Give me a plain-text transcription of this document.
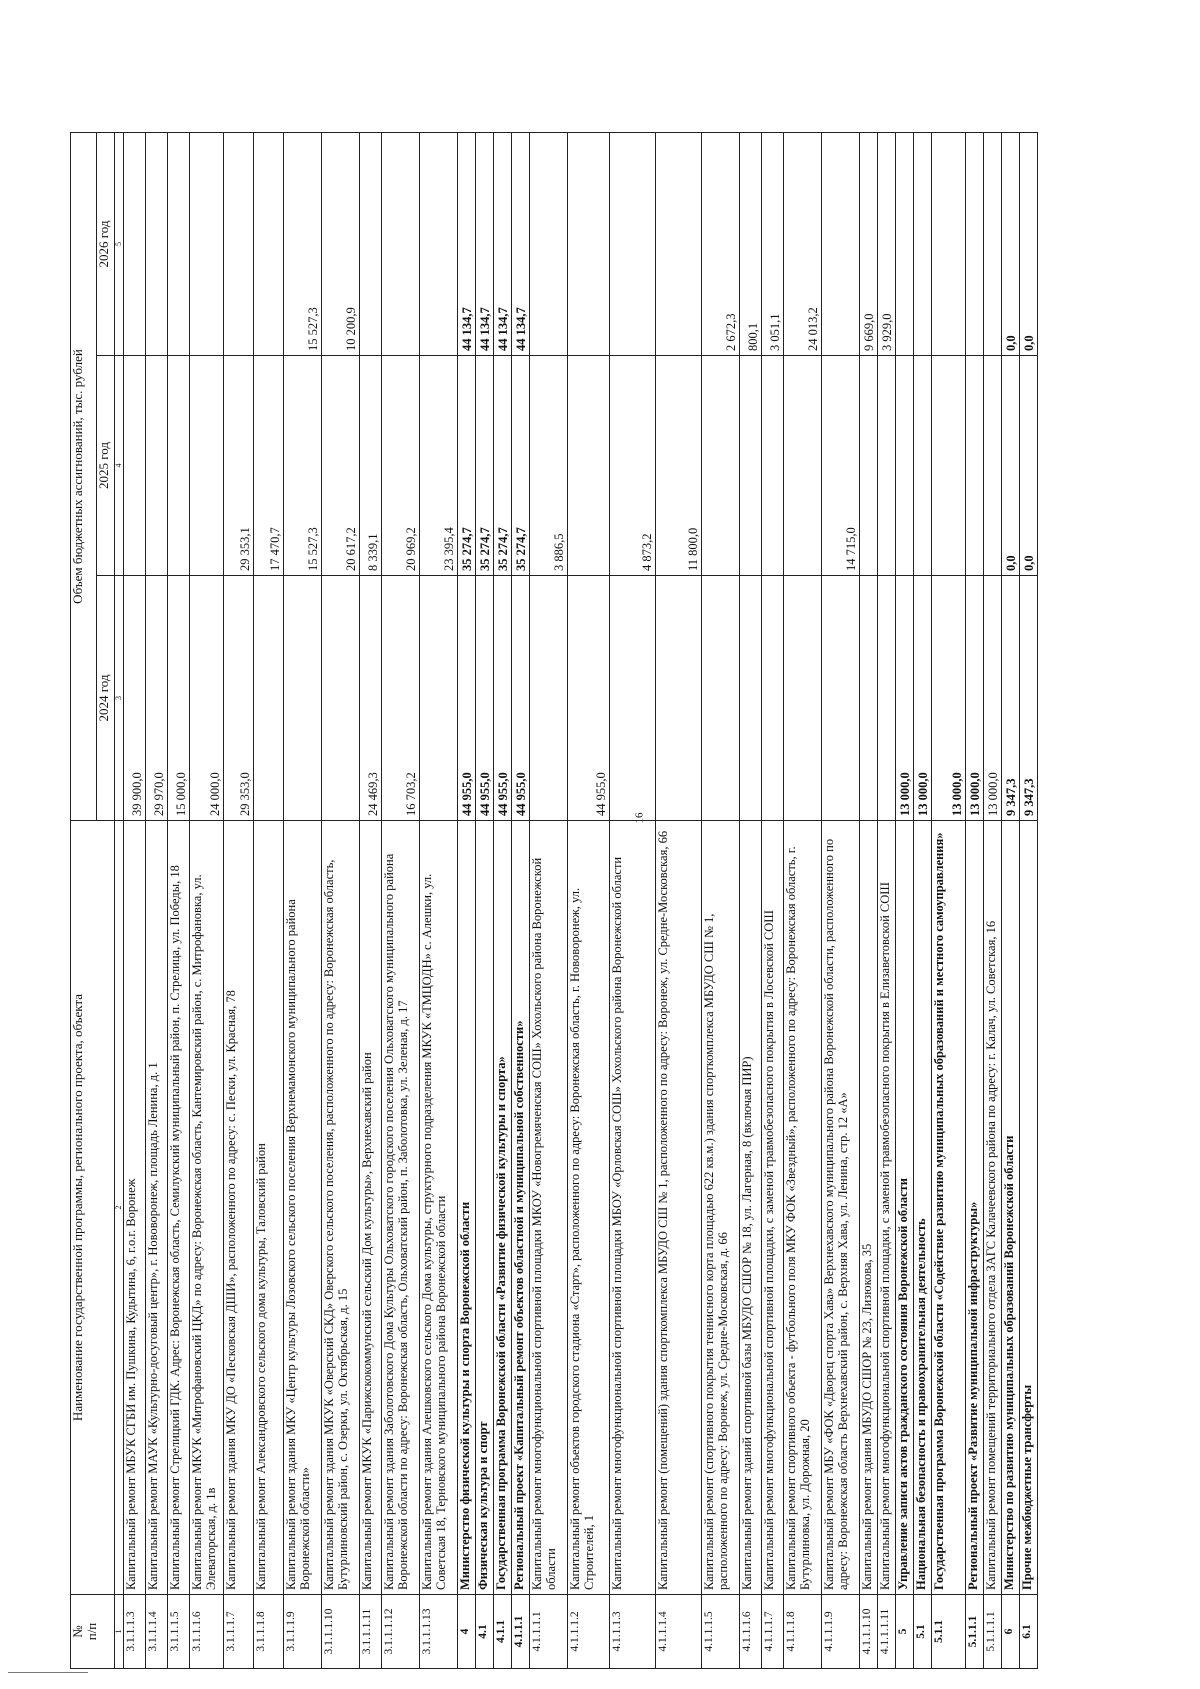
16
№
п/п	Наименование государственной программы, регионального проекта, объекта	Объем бюджетных ассигнований, тыс. рублей		
		2024 год	2025 год	2026 год
1	2	3	4	5
3.1.1.1.3	Капитальный ремонт МБУК СГБИ им. Пушкина, Кудытина, 6, г.о.г. Воронеж	39 900,0		

3.1.1.1.4	Капитальный ремонт МАУК «Культурно-досуговый центр», г. Нововоронеж, площадь Ленина, д. 1	29 970,0		

3.1.1.1.5	Капитальный ремонт Стрелицкий ГДК. Адрес: Воронежская область, Семилукский муниципальный район, п. Стрелица, ул. Победы, 18	15 000,0		

3.1.1.1.6	Капитальный ремонт МКУК «Митрофановский ЦКД» по адресу: Воронежская область, Кантемировский район, с. Митрофановка, ул. Элеваторская, д. 1в	24 000,0		

3.1.1.1.7	Капитальный ремонт здания МКУ ДО «Песковская ДШИ», расположенного по адресу: с. Пески, ул. Красная, 78	29 353,0	29 353,1	

3.1.1.1.8	Капитальный ремонт Александровского сельского дома культуры, Таловский район		17 470,7	

3.1.1.1.9	Капитальный ремонт здания МКУ «Центр культуры Лозовского сельского поселения Верхнемамонского муниципального района Воронежской области»		15 527,3	15 527,3

3.1.1.1.10	Капитальный ремонт здания МКУК «Оверский СКД» Оверского сельского поселения, расположенного по адресу: Воронежская область, Бутурлиновский район, с. Озерки, ул. Октябрьская, д. 15		20 617,2	10 200,9

3.1.1.1.11	Капитальный ремонт МКУК «Парижскокоммунский сельский Дом культуры», Верхнехавский район	24 469,3	8 339,1	

3.1.1.1.12	Капитальный ремонт здания Заболотовского Дома Культуры Ольховатского городского поселения Ольховатского муниципального района Воронежской области по адресу: Воронежская область, Ольховатский район, п. Заболотовка, ул. Зеленая, д. 17	16 703,2	20 969,2	

3.1.1.1.13	Капитальный ремонт здания Алешковского сельского Дома культуры, структурного подразделения МКУК «ТМЦОДН» с. Алешки, ул. Советская 18, Терновского муниципального района Воронежской области		23 395,4	

4	Министерство физической культуры и спорта Воронежской области	44 955,0	35 274,7	44 134,7

4.1	Физическая культура и спорт	44 955,0	35 274,7	44 134,7

4.1.1	Государственная программа Воронежской области «Развитие физической культуры и спорта»	44 955,0	35 274,7	44 134,7

4.1.1.1	Региональный проект «Капитальный ремонт объектов областной и муниципальной собственности»	44 955,0	35 274,7	44 134,7

4.1.1.1.1	Капитальный ремонт многофункциональной спортивной площадки МКОУ «Новогремяченская СОШ» Хохольского района Воронежской области		3 886,5	

4.1.1.1.2	Капитальный ремонт объектов городского стадиона «Старт», расположенного по адресу: Воронежская область, г. Нововоронеж, ул. Строителей, 1	44 955,0		

4.1.1.1.3	Капитальный ремонт многофункциональной спортивной площадки МБОУ «Орловская СОШ» Хохольского района Воронежской области		4 873,2	

4.1.1.1.4	Капитальный ремонт (помещений) здания спорткомплекса МБУДО СШ № 1, расположенного по адресу: Воронеж, ул. Средне-Московская, 66		11 800,0	

4.1.1.1.5	Капитальный ремонт (спортивного покрытия теннисного корта площадью 622 кв.м.) здания спорткомплекса МБУДО СШ № 1, расположенного по адресу: Воронеж, ул. Средне-Московская, д. 66			2 672,3

4.1.1.1.6	Капитальный ремонт зданий спортивной базы МБУДО СШОР № 18, ул. Лагерная, 8 (включая ПИР)			800,1

4.1.1.1.7	Капитальный ремонт многофункциональной спортивной площадки, с заменой травмобезопасного покрытия в Лосевской СОШ			3 051,1

4.1.1.1.8	Капитальный ремонт спортивного объекта - футбольного поля МКУ ФОК «Звездный», расположенного по адресу: Воронежская область, г. Бутурлиновка, ул. Дорожная, 20			24 013,2

4.1.1.1.9	Капитальный ремонт МБУ «ФОК «Дворец спорта Хава» Верхнехавского муниципального района Воронежской области, расположенного по адресу: Воронежская область Верхнехавский район, с. Верхняя Хава, ул. Ленина, стр. 12 «А»		14 715,0	

4.1.1.1.10	Капитальный ремонт здания МБУДО СШОР № 23, Лизюкова, 35			9 669,0

4.1.1.1.11	Капитальный ремонт многофункциональной спортивной площадки, с заменой травмобезопасного покрытия в Елизаветовской СОШ			3 929,0

5	Управление записи актов гражданского состояния Воронежской области	13 000,0		

5.1	Национальная безопасность и правоохранительная деятельность	13 000,0		

5.1.1	Государственная программа Воронежской области «Содействие развитию муниципальных образований и местного самоуправления»	13 000,0		

5.1.1.1	Региональный проект «Развитие муниципальной инфраструктуры»	13 000,0		

5.1.1.1.1	Капитальный ремонт помещений территориального отдела ЗАГС Калачеевского района по адресу: г. Калач, ул. Советская, 16	13 000,0		

6	Министерство по развитию муниципальных образований Воронежской области	9 347,3	0,0	0,0

6.1	Прочие межбюджетные трансферты	9 347,3	0,0	0,0
